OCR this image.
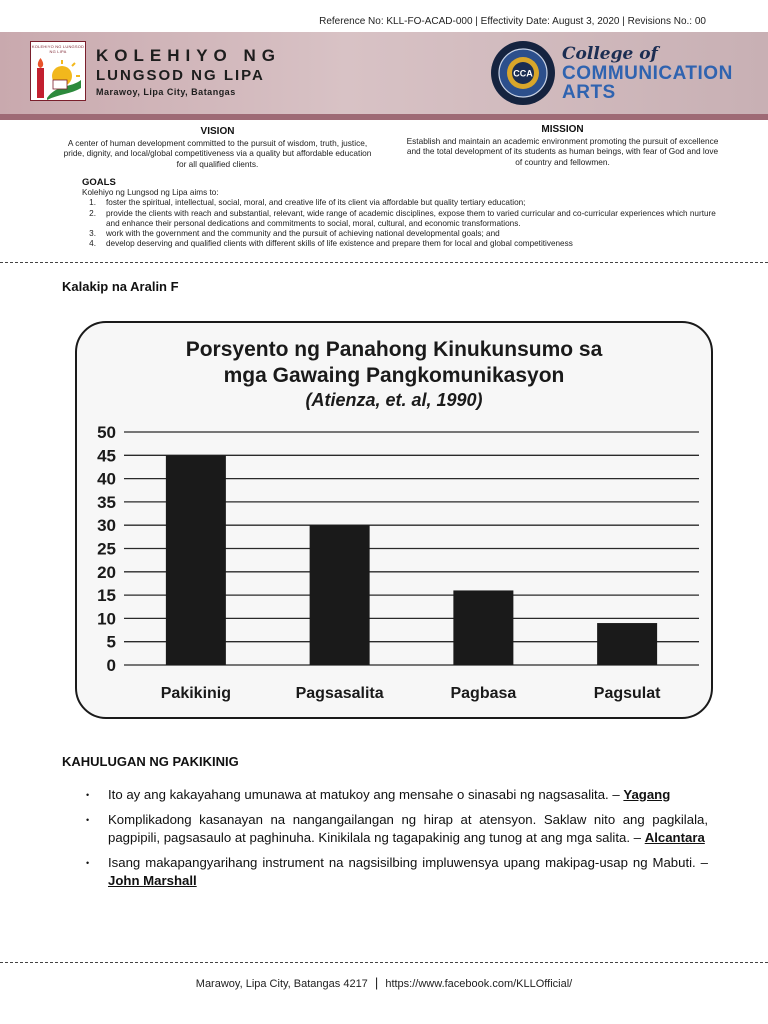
Reference No: KLL-FO-ACAD-000 | Effectivity Date: August 3, 2020 | Revisions No.: 00
KOLEHIYO NG LUNGSOD NG LIPA	KOLEHIYO NG
LUNGSOD NG LIPA
Marawoy, Lipa City, Batangas
CCA
College of
COMMUNICATION
ARTS
VISION
A center of human development committed to the pursuit of wisdom, truth, justice, pride, dignity, and local/global competitiveness via a quality but affordable education for all qualified clients.
MISSION
Establish and maintain an academic environment promoting the pursuit of excellence and the total development of its students as human beings, with fear of God and love of country and fellowmen.
GOALS
Kolehiyo ng Lungsod ng Lipa aims to:
1.	foster the spiritual, intellectual, social, moral, and creative life of its client via affordable but quality tertiary education;
2.	provide the clients with reach and substantial, relevant, wide range of academic disciplines, expose them to varied curricular and co-curricular experiences which nurture and enhance their personal dedications and commitments to social, moral, cultural, and economic transformations.
3.	work with the government and the community and the pursuit of achieving national developmental goals; and
4.	develop deserving and qualified clients with different skills of life existence and prepare them for local and global competitiveness
Kalakip na Aralin F
Porsyento ng Panahong Kinukunsumo sa
mga Gawaing Pangkomunikasyon
(Atienza, et. al, 1990)
0
5
10
15
20
25
30
35
40
45
50
Pakikinig	Pagsasalita	Pagbasa	Pagsulat
KAHULUGAN NG PAKIKINIG
•	Ito ay ang kakayahang umunawa at matukoy ang mensahe o sinasabi ng nagsasalita. – Yagang
•	Komplikadong kasanayan na nangangailangan ng hirap at atensyon. Saklaw nito ang pagkilala, pagpipili, pagsasaulo at paghinuha. Kinikilala ng tagapakinig ang tunog at ang mga salita. – Alcantara
•	Isang makapangyarihang instrument na nagsisilbing impluwensya upang makipag-usap ng Mabuti. – John Marshall
Marawoy, Lipa City, Batangas 4217 | https://www.facebook.com/KLLOfficial/
